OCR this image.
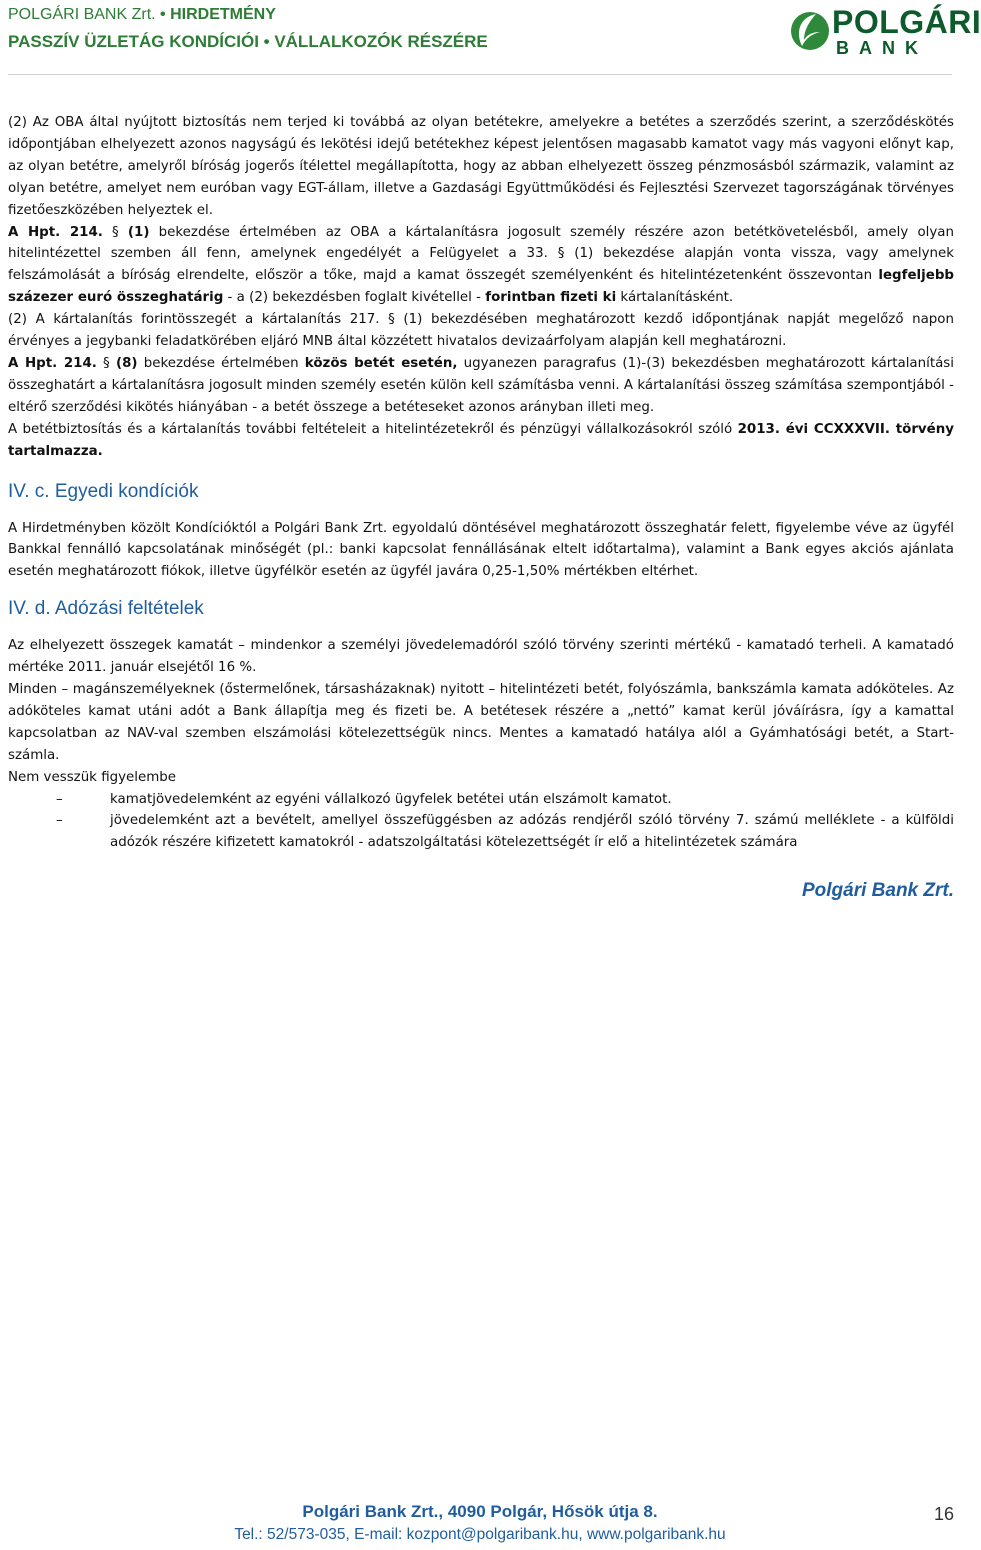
POLGÁRI BANK Zrt. • HIRDETMÉNY
PASSZÍV ÜZLETÁG KONDÍCIÓI • VÁLLALKOZÓK RÉSZÉRE
POLGÁRI
BANK

(2) Az OBA által nyújtott biztosítás nem terjed ki továbbá az olyan betétekre, amelyekre a betétes a szerződés szerint, a szerződéskötés időpontjában elhelyezett azonos nagyságú és lekötési idejű betétekhez képest jelentősen magasabb kamatot vagy más vagyoni előnyt kap, az olyan betétre, amelyről bíróság jogerős ítélettel megállapította, hogy az abban elhelyezett összeg pénzmosásból származik, valamint az olyan betétre, amelyet nem euróban vagy EGT-állam, illetve a Gazdasági Együttműködési és Fejlesztési Szervezet tagországának törvényes fizetőeszközében helyeztek el.

A Hpt. 214. § (1) bekezdése értelmében az OBA a kártalanításra jogosult személy részére azon betétkövetelésből, amely olyan hitelintézettel szemben áll fenn, amelynek engedélyét a Felügyelet a 33. § (1) bekezdése alapján vonta vissza, vagy amelynek felszámolását a bíróság elrendelte, először a tőke, majd a kamat összegét személyenként és hitelintézetenként összevontan legfeljebb százezer euró összeghatárig - a (2) bekezdésben foglalt kivétellel - forintban fizeti ki kártalanításként.

(2) A kártalanítás forintösszegét a kártalanítás 217. § (1) bekezdésében meghatározott kezdő időpontjának napját megelőző napon érvényes a jegybanki feladatkörében eljáró MNB által közzétett hivatalos devizaárfolyam alapján kell meghatározni.

A Hpt. 214. § (8) bekezdése értelmében közös betét esetén, ugyanezen paragrafus (1)-(3) bekezdésben meghatározott kártalanítási összeghatárt a kártalanításra jogosult minden személy esetén külön kell számításba venni. A kártalanítási összeg számítása szempontjából - eltérő szerződési kikötés hiányában - a betét összege a betéteseket azonos arányban illeti meg.

A betétbiztosítás és a kártalanítás további feltételeit a hitelintézetekről és pénzügyi vállalkozásokról szóló 2013. évi CCXXXVII. törvény tartalmazza.

IV. c. Egyedi kondíciók

A Hirdetményben közölt Kondícióktól a Polgári Bank Zrt. egyoldalú döntésével meghatározott összeghatár felett, figyelembe véve az ügyfél Bankkal fennálló kapcsolatának minőségét (pl.: banki kapcsolat fennállásának eltelt időtartalma), valamint a Bank egyes akciós ajánlata esetén meghatározott fiókok, illetve ügyfélkör esetén az ügyfél javára 0,25-1,50% mértékben eltérhet.

IV. d. Adózási feltételek

Az elhelyezett összegek kamatát – mindenkor a személyi jövedelemadóról szóló törvény szerinti mértékű - kamatadó terheli. A kamatadó mértéke 2011. január elsejétől 16 %.

Minden – magánszemélyeknek (őstermelőnek, társasházaknak) nyitott – hitelintézeti betét, folyószámla, bankszámla kamata adóköteles. Az adóköteles kamat utáni adót a Bank állapítja meg és fizeti be. A betétesek részére a „nettó” kamat kerül jóváírásra, így a kamattal kapcsolatban az NAV-val szemben elszámolási kötelezettségük nincs. Mentes a kamatadó hatálya alól a Gyámhatósági betét, a Start-számla.

Nem vesszük figyelembe

–	kamatjövedelemként az egyéni vállalkozó ügyfelek betétei után elszámolt kamatot.

–	jövedelemként azt a bevételt, amellyel összefüggésben az adózás rendjéről szóló törvény 7. számú melléklete - a külföldi adózók részére kifizetett kamatokról - adatszolgáltatási kötelezettségét ír elő a hitelintézetek számára

Polgári Bank Zrt.
Polgári Bank Zrt., 4090 Polgár, Hősök útja 8.
Tel.: 52/573-035, E-mail: kozpont@polgaribank.hu, www.polgaribank.hu
16
